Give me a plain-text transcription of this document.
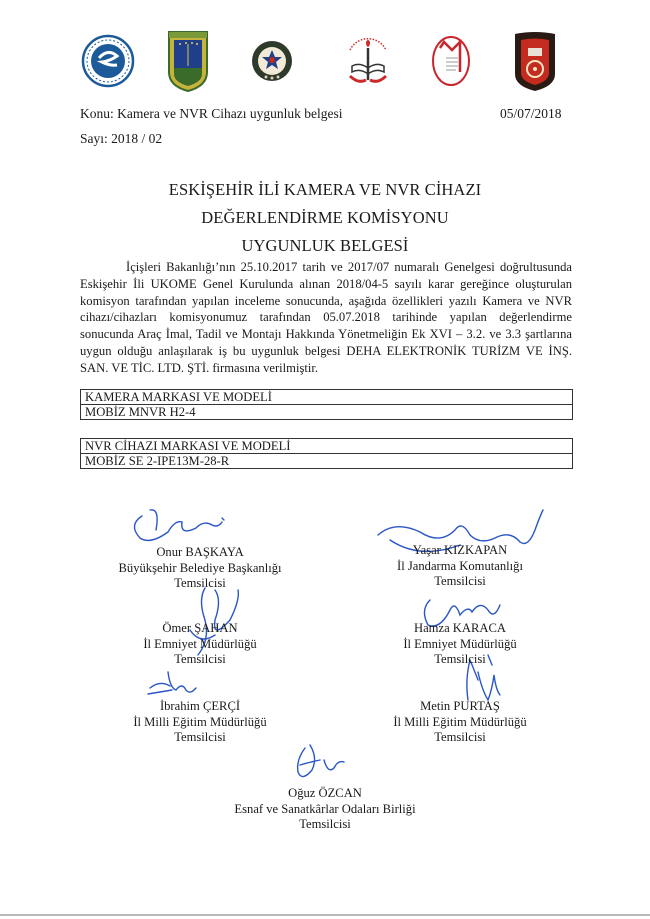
Konu: Kamera ve NVR Cihazı uygunluk belgesi	05/07/2018
Sayı: 2018 / 02
ESKİŞEHİR İLİ KAMERA VE NVR CİHAZI
DEĞERLENDİRME KOMİSYONU
UYGUNLUK BELGESİ

İçişleri Bakanlığı’nın 25.10.2017 tarih ve 2017/07 numaralı Genelgesi doğrultusunda Eskişehir İli UKOME Genel Kurulunda alınan 2018/04-5 sayılı karar gereğince oluşturulan komisyon tarafından yapılan inceleme sonucunda, aşağıda özellikleri yazılı Kamera ve NVR cihazı/cihazları komisyonumuz tarafından 05.07.2018 tarihinde yapılan değerlendirme sonucunda Araç İmal, Tadil ve Montajı Hakkında Yönetmeliğin Ek XVI – 3.2. ve 3.3 şartlarına uygun olduğu anlaşılarak iş bu uygunluk belgesi DEHA ELEKTRONİK TURİZM VE İNŞ. SAN. VE TİC. LTD. ŞTİ. firmasına verilmiştir.

KAMERA MARKASI VE MODELİ
MOBİZ MNVR H2-4
NVR CİHAZI MARKASI VE MODELİ
MOBİZ SE 2-IPE13M-28-R
Onur BAŞKAYA
Büyükşehir Belediye Başkanlığı
Temsilcisi
Yaşar KIZKAPAN
İl Jandarma Komutanlığı
Temsilcisi
Ömer ŞAHAN
İl Emniyet Müdürlüğü
Temsilcisi
Hamza KARACA
İl Emniyet Müdürlüğü
Temsilcisi
İbrahim ÇERÇİ
İl Milli Eğitim Müdürlüğü
Temsilcisi
Metin PURTAŞ
İl Milli Eğitim Müdürlüğü
Temsilcisi
Oğuz ÖZCAN
Esnaf ve Sanatkârlar Odaları Birliği
Temsilcisi
